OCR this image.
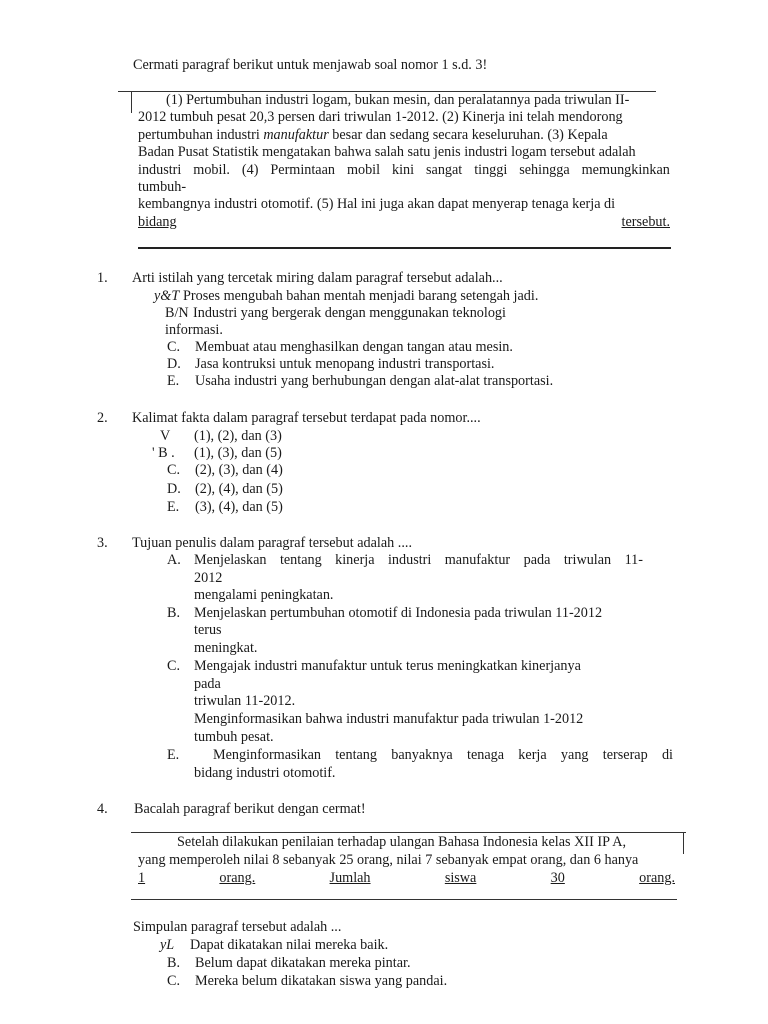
Cermati paragraf berikut untuk menjawab soal nomor 1 s.d. 3!
(1) Pertumbuhan industri logam, bukan mesin, dan peralatannya pada triwulan II-
2012 tumbuh pesat 20,3 persen dari triwulan 1-2012. (2) Kinerja ini telah mendorong
pertumbuhan industri manufaktur besar dan sedang secara keseluruhan. (3) Kepala
Badan Pusat Statistik mengatakan bahwa salah satu jenis industri logam tersebut adalah
industri mobil. (4) Permintaan mobil kini sangat tinggi sehingga memungkinkan
tumbuh-
kembangnya industri otomotif. (5) Hal ini juga akan dapat menyerap tenaga kerja di
bidang	tersebut.
1. Arti istilah yang tercetak miring dalam paragraf tersebut adalah...
y&T Proses mengubah bahan mentah menjadi barang setengah jadi.
B/N Industri yang bergerak dengan menggunakan teknologi
informasi.
C. Membuat atau menghasilkan dengan tangan atau mesin.
D. Jasa kontruksi untuk menopang industri transportasi.
E. Usaha industri yang berhubungan dengan alat-alat transportasi.
2. Kalimat fakta dalam paragraf tersebut terdapat pada nomor....
V (1), (2), dan (3)
' B . (1), (3), dan (5)
C. (2), (3), dan (4)
D. (2), (4), dan (5)
E. (3), (4), dan (5)
3. Tujuan penulis dalam paragraf tersebut adalah ....
A. Menjelaskan tentang kinerja industri manufaktur pada triwulan 11-
2012
mengalami peningkatan.
B. Menjelaskan pertumbuhan otomotif di Indonesia pada triwulan 11-2012
terus
meningkat.
C. Mengajak industri manufaktur untuk terus meningkatkan kinerjanya
pada
triwulan 11-2012.
Menginformasikan bahwa industri manufaktur pada triwulan 1-2012
tumbuh pesat.
E. Menginformasikan tentang banyaknya tenaga kerja yang terserap di
bidang industri otomotif.
4. Bacalah paragraf berikut dengan cermat!
Setelah dilakukan penilaian terhadap ulangan Bahasa Indonesia kelas XII IP A,
yang memperoleh nilai 8 sebanyak 25 orang, nilai 7 sebanyak empat orang, dan 6 hanya
1	orang.	Jumlah	siswa	30	orang.
Simpulan paragraf tersebut adalah ...
yL Dapat dikatakan nilai mereka baik.
B. Belum dapat dikatakan mereka pintar.
C. Mereka belum dikatakan siswa yang pandai.
